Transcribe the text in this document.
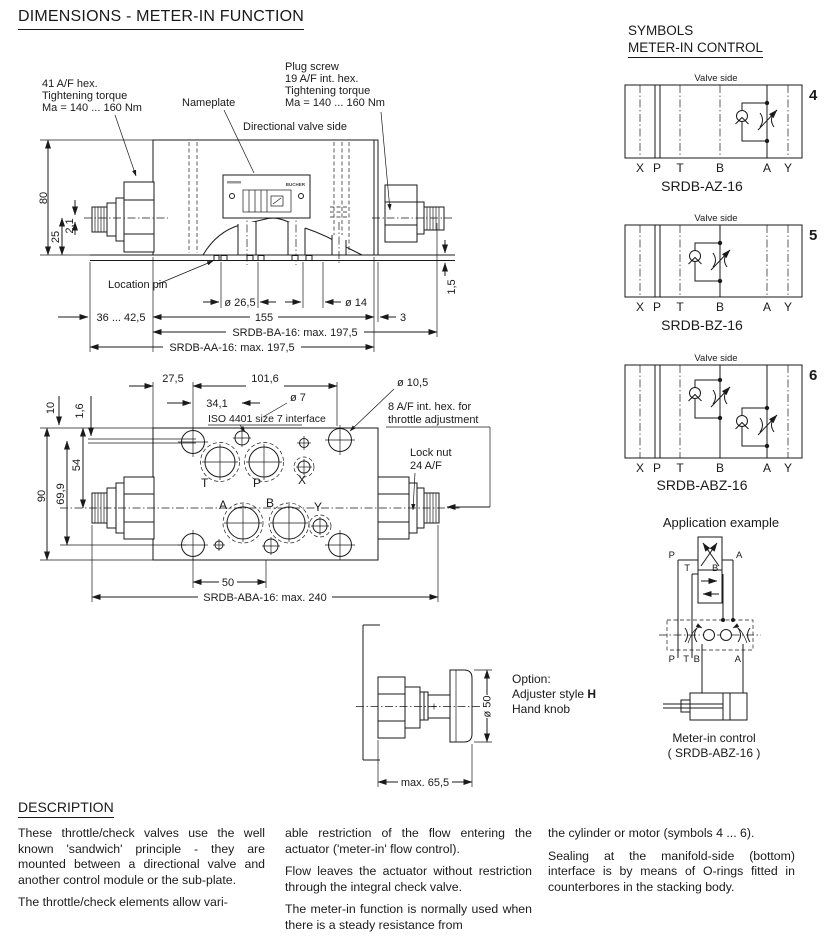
DIMENSIONS - METER-IN FUNCTION
SYMBOLS
METER-IN CONTROL
BUCHER
41 A/F hex.
Tightening torque
Ma = 140 ... 160 Nm	Nameplate
Directional valve side
Plug screw
19 A/F int. hex.
Tightening torque
Ma = 140 ... 160 Nm
Location pin
80
25
2,1
1,5
ø 26,5	ø 14
36 ... 42,5	155	3
SRDB-BA-16: max. 197,5
SRDB-AA-16: max. 197,5
T	P	X
A	B	Y
27,5	101,6
34,1	ø 7
ISO 4401 size 7 interface
ø 10,5
8 A/F int. hex. for
throttle adjustment
Lock nut
24 A/F
10 1,6
54
69,9
90
50
SRDB-ABA-16: max. 240
ø 50
max. 65,5
Option:
Adjuster style H
Hand knob
Valve side
4
X P T	B	A Y
SRDB-AZ-16
Valve side
5
X P T	B	A Y
SRDB-BZ-16
Valve side
6
X P T	B	A Y
SRDB-ABZ-16
Application example
P	A
T B
P T B	A
Meter-in control
( SRDB-ABZ-16 )
DESCRIPTION

These throttle/check valves use the well known 'sandwich' principle - they are mounted between a directional valve and another control module or the sub-plate.

The throttle/check elements allow vari-

able restriction of the flow entering the actuator ('meter-in' flow control).

Flow leaves the actuator without restriction through the integral check valve.

The meter-in function is normally used when there is a steady resistance from

the cylinder or motor (symbols 4 ... 6).

Sealing at the manifold-side (bottom) interface is by means of O-rings fitted in counterbores in the stacking body.
